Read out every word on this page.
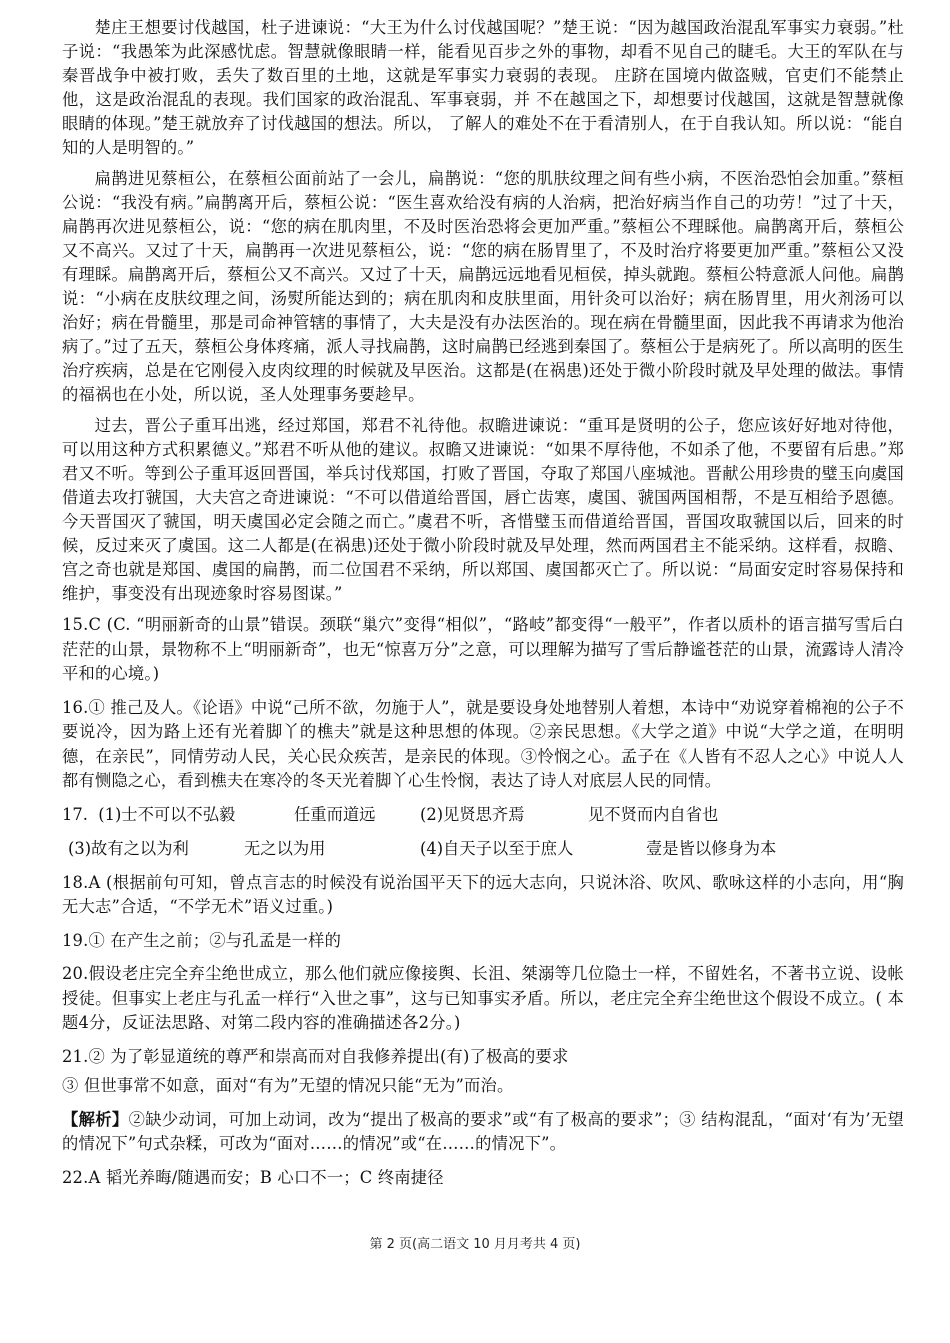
楚庄王想要讨伐越国，杜子进谏说：“大王为什么讨伐越国呢？”楚王说：“因为越国政治混乱军事实力衰弱。”杜子说：“我愚笨为此深感忧虑。智慧就像眼睛一样，能看见百步之外的事物，却看不见自己的睫毛。大王的军队在与秦晋战争中被打败，丢失了数百里的土地，这就是军事实力衰弱的表现。 庄跻在国境内做盗贼，官吏们不能禁止他，这是政治混乱的表现。我们国家的政治混乱、军事衰弱，并 不在越国之下，却想要讨伐越国，这就是智慧就像眼睛的体现。”楚王就放弃了讨伐越国的想法。所以， 了解人的难处不在于看清别人，在于自我认知。所以说：“能自知的人是明智的。”

扁鹊进见蔡桓公，在蔡桓公面前站了一会儿，扁鹊说：“您的肌肤纹理之间有些小病，不医治恐怕会加重。”蔡桓公说：“我没有病。”扁鹊离开后，蔡桓公说：“医生喜欢给没有病的人治病，把治好病当作自己的功劳！”过了十天，扁鹊再次进见蔡桓公，说：“您的病在肌肉里，不及时医治恐将会更加严重。”蔡桓公不理睬他。扁鹊离开后，蔡桓公又不高兴。又过了十天，扁鹊再一次进见蔡桓公，说：“您的病在肠胃里了，不及时治疗将要更加严重。”蔡桓公又没有理睬。扁鹊离开后，蔡桓公又不高兴。又过了十天，扁鹊远远地看见桓侯，掉头就跑。蔡桓公特意派人问他。扁鹊说：“小病在皮肤纹理之间，汤熨所能达到的；病在肌肉和皮肤里面，用针灸可以治好；病在肠胃里，用火剂汤可以治好；病在骨髓里，那是司命神管辖的事情了，大夫是没有办法医治的。现在病在骨髓里面，因此我不再请求为他治病了。”过了五天，蔡桓公身体疼痛，派人寻找扁鹊，这时扁鹊已经逃到秦国了。蔡桓公于是病死了。所以高明的医生治疗疾病，总是在它刚侵入皮肉纹理的时候就及早医治。这都是(在祸患)还处于微小阶段时就及早处理的做法。事情的福祸也在小处，所以说，圣人处理事务要趁早。

过去，晋公子重耳出逃，经过郑国，郑君不礼待他。叔瞻进谏说：“重耳是贤明的公子，您应该好好地对待他，可以用这种方式积累德义。”郑君不听从他的建议。叔瞻又进谏说：“如果不厚待他，不如杀了他，不要留有后患。”郑君又不听。等到公子重耳返回晋国，举兵讨伐郑国，打败了晋国，夺取了郑国八座城池。晋献公用珍贵的璧玉向虞国借道去攻打虢国，大夫宫之奇进谏说：“不可以借道给晋国，唇亡齿寒，虞国、虢国两国相帮，不是互相给予恩德。今天晋国灭了虢国，明天虞国必定会随之而亡。”虞君不听，吝惜璧玉而借道给晋国，晋国攻取虢国以后，回来的时候，反过来灭了虞国。这二人都是(在祸患)还处于微小阶段时就及早处理，然而两国君主不能采纳。这样看，叔瞻、宫之奇也就是郑国、虞国的扁鹊，而二位国君不采纳，所以郑国、虞国都灭亡了。所以说：“局面安定时容易保持和维护，事变没有出现迹象时容易图谋。”

15.C (C. “明丽新奇的山景”错误。颈联“巢穴”变得“相似”，“路岐”都变得“一般平”，作者以质朴的语言描写雪后白茫茫的山景，景物称不上“明丽新奇”，也无“惊喜万分”之意，可以理解为描写了雪后静谧苍茫的山景，流露诗人清冷平和的心境。)

16.① 推己及人。《论语》中说“己所不欲，勿施于人”，就是要设身处地替别人着想，本诗中“劝说穿着棉袍的公子不要说冷，因为路上还有光着脚丫的樵夫”就是这种思想的体现。②亲民思想。《大学之道》中说“大学之道，在明明德，在亲民”，同情劳动人民，关心民众疾苦，是亲民的体现。③怜悯之心。孟子在《人皆有不忍人之心》中说人人都有恻隐之心，看到樵夫在寒冷的冬天光着脚丫心生怜悯，表达了诗人对底层人民的同情。

17.  (1)士不可以不弘毅	任重而道远	(2)见贤思齐焉	见不贤而内自省也
(3)故有之以为利	无之以为用	(4)自天子以至于庶人	壹是皆以修身为本

18.A (根据前句可知，曾点言志的时候没有说治国平天下的远大志向，只说沐浴、吹风、歌咏这样的小志向，用“胸无大志”合适，“不学无术”语义过重。)

19.① 在产生之前；②与孔孟是一样的

20.假设老庄完全弃尘绝世成立，那么他们就应像接舆、长沮、桀溺等几位隐士一样，不留姓名，不著书立说、设帐授徒。但事实上老庄与孔孟一样行“入世之事”，这与已知事实矛盾。所以，老庄完全弃尘绝世这个假设不成立。( 本题4分，反证法思路、对第二段内容的准确描述各2分。)

21.② 为了彰显道统的尊严和崇高而对自我修养提出(有)了极高的要求

③ 但世事常不如意，面对“有为”无望的情况只能“无为”而治。

【解析】②缺少动词，可加上动词，改为“提出了极高的要求”或“有了极高的要求”；③ 结构混乱，“面对‘有为’无望的情况下”句式杂糅，可改为“面对……的情况”或“在……的情况下”。

22.A 韬光养晦/随遇而安；B 心口不一；C 终南捷径

第 2 页(高二语文 10 月月考共 4 页)
